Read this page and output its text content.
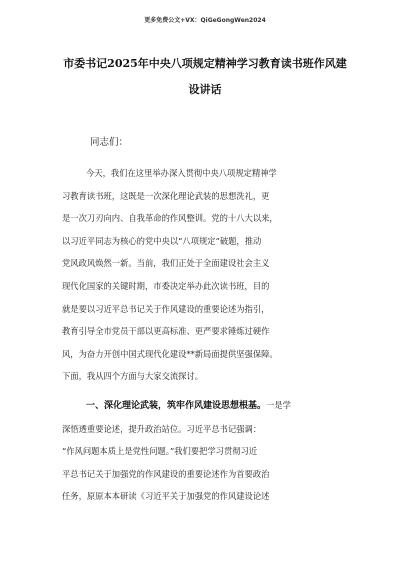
更多免费公文+VX：QiGeGongWen2024
市委书记2025年中央八项规定精神学习教育读书班作风建
设讲话
同志们：
今天，我们在这里举办深入贯彻中央八项规定精神学
习教育读书班，这既是一次深化理论武装的思想洗礼，更
是一次刀刃向内、自我革命的作风整训。党的十八大以来，
以习近平同志为核心的党中央以“八项规定”破题，推动
党风政风焕然一新。当前，我们正处于全面建设社会主义
现代化国家的关键时期，市委决定举办此次读书班，目的
就是要以习近平总书记关于作风建设的重要论述为指引，
教育引导全市党员干部以更高标准、更严要求锤炼过硬作
风，为奋力开创中国式现代化建设**新局面提供坚强保障。
下面，我从四个方面与大家交流探讨。
一、深化理论武装，筑牢作风建设思想根基。一是学
深悟透重要论述，提升政治站位。习近平总书记强调：
“作风问题本质上是党性问题。”我们要把学习贯彻习近
平总书记关于加强党的作风建设的重要论述作为首要政治
任务，原原本本研读《习近平关于加强党的作风建设论述
